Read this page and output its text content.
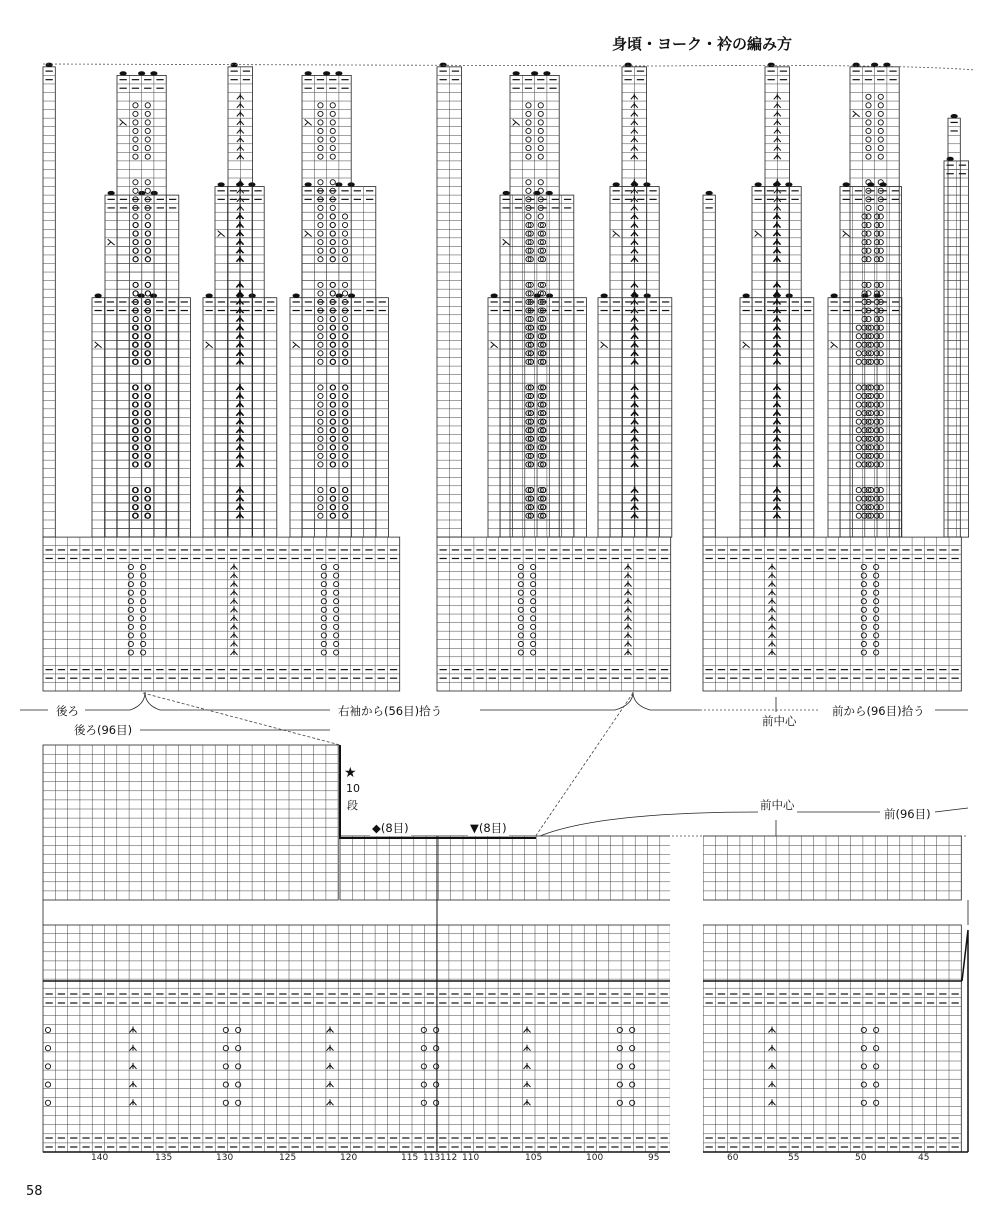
身頃・ヨーク・衿の編み方
後ろ	右袖から(56目)拾う
前中心
前から(96目)拾う
後ろ(96目)
★
10
段
◆(8目)	▼(8目)
前中心
前(96目)
140	135	130	125	120	115 113 112 110	105	100	95	60	55	50	45
58
